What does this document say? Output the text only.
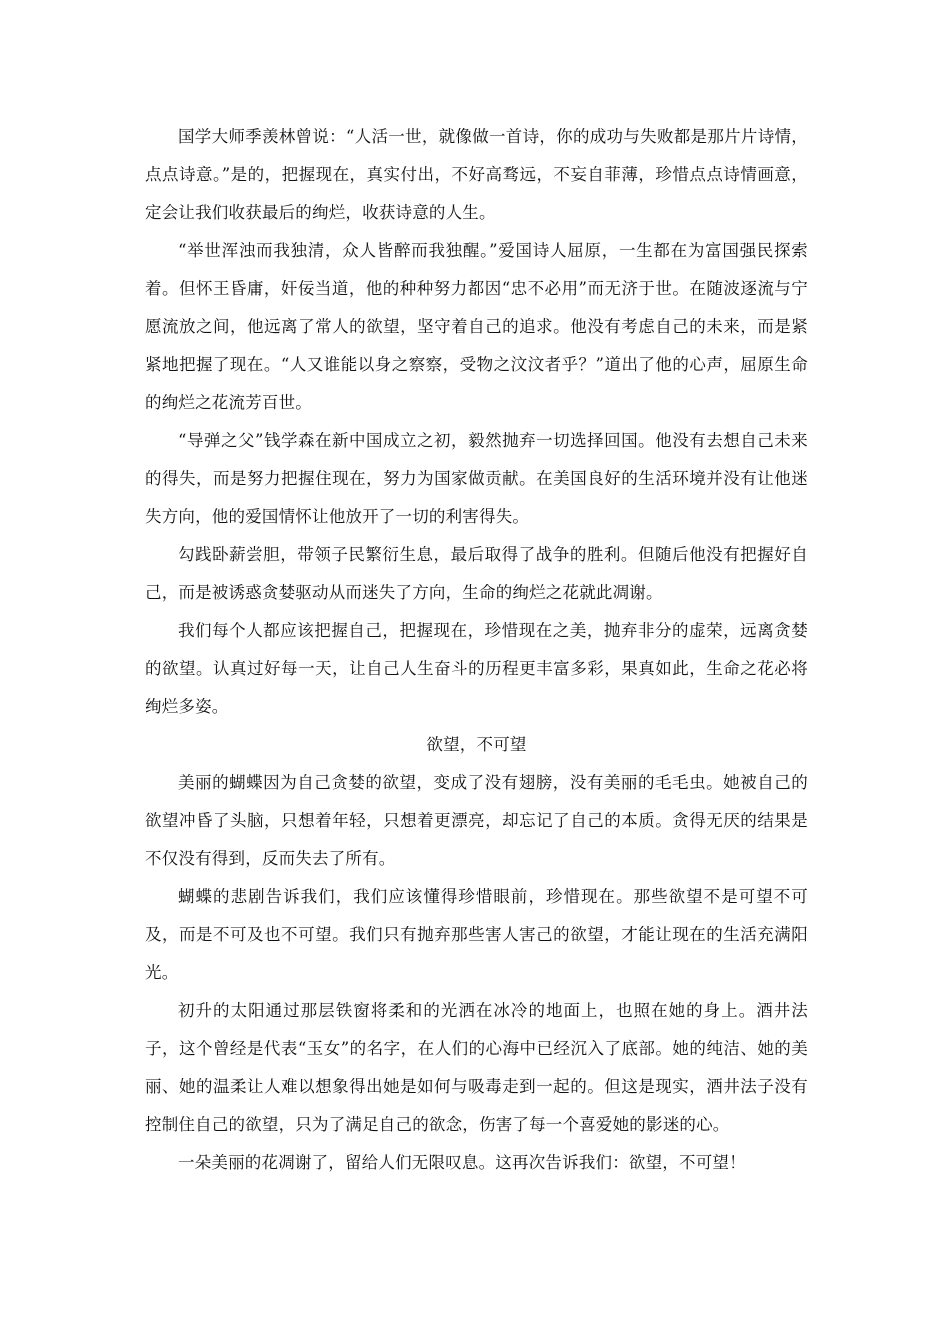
国学大师季羡林曾说：“人活一世，就像做一首诗，你的成功与失败都是那片片诗情，点点诗意。”是的，把握现在，真实付出，不好高骛远，不妄自菲薄，珍惜点点诗情画意，定会让我们收获最后的绚烂，收获诗意的人生。

“举世浑浊而我独清，众人皆醉而我独醒。”爱国诗人屈原，一生都在为富国强民探索着。但怀王昏庸，奸佞当道，他的种种努力都因“忠不必用”而无济于世。在随波逐流与宁愿流放之间，他远离了常人的欲望，坚守着自己的追求。他没有考虑自己的未来，而是紧紧地把握了现在。“人又谁能以身之察察，受物之汶汶者乎？”道出了他的心声，屈原生命的绚烂之花流芳百世。

“导弹之父”钱学森在新中国成立之初，毅然抛弃一切选择回国。他没有去想自己未来的得失，而是努力把握住现在，努力为国家做贡献。在美国良好的生活环境并没有让他迷失方向，他的爱国情怀让他放开了一切的利害得失。

勾践卧薪尝胆，带领子民繁衍生息，最后取得了战争的胜利。但随后他没有把握好自己，而是被诱惑贪婪驱动从而迷失了方向，生命的绚烂之花就此凋谢。

我们每个人都应该把握自己，把握现在，珍惜现在之美，抛弃非分的虚荣，远离贪婪的欲望。认真过好每一天，让自己人生奋斗的历程更丰富多彩，果真如此，生命之花必将绚烂多姿。

欲望，不可望

美丽的蝴蝶因为自己贪婪的欲望，变成了没有翅膀，没有美丽的毛毛虫。她被自己的欲望冲昏了头脑，只想着年轻，只想着更漂亮，却忘记了自己的本质。贪得无厌的结果是不仅没有得到，反而失去了所有。

蝴蝶的悲剧告诉我们，我们应该懂得珍惜眼前，珍惜现在。那些欲望不是可望不可及，而是不可及也不可望。我们只有抛弃那些害人害己的欲望，才能让现在的生活充满阳光。

初升的太阳通过那层铁窗将柔和的光洒在冰冷的地面上，也照在她的身上。酒井法子，这个曾经是代表“玉女”的名字，在人们的心海中已经沉入了底部。她的纯洁、她的美丽、她的温柔让人难以想象得出她是如何与吸毒走到一起的。但这是现实，酒井法子没有控制住自己的欲望，只为了满足自己的欲念，伤害了每一个喜爱她的影迷的心。

一朵美丽的花凋谢了，留给人们无限叹息。这再次告诉我们：欲望，不可望！
